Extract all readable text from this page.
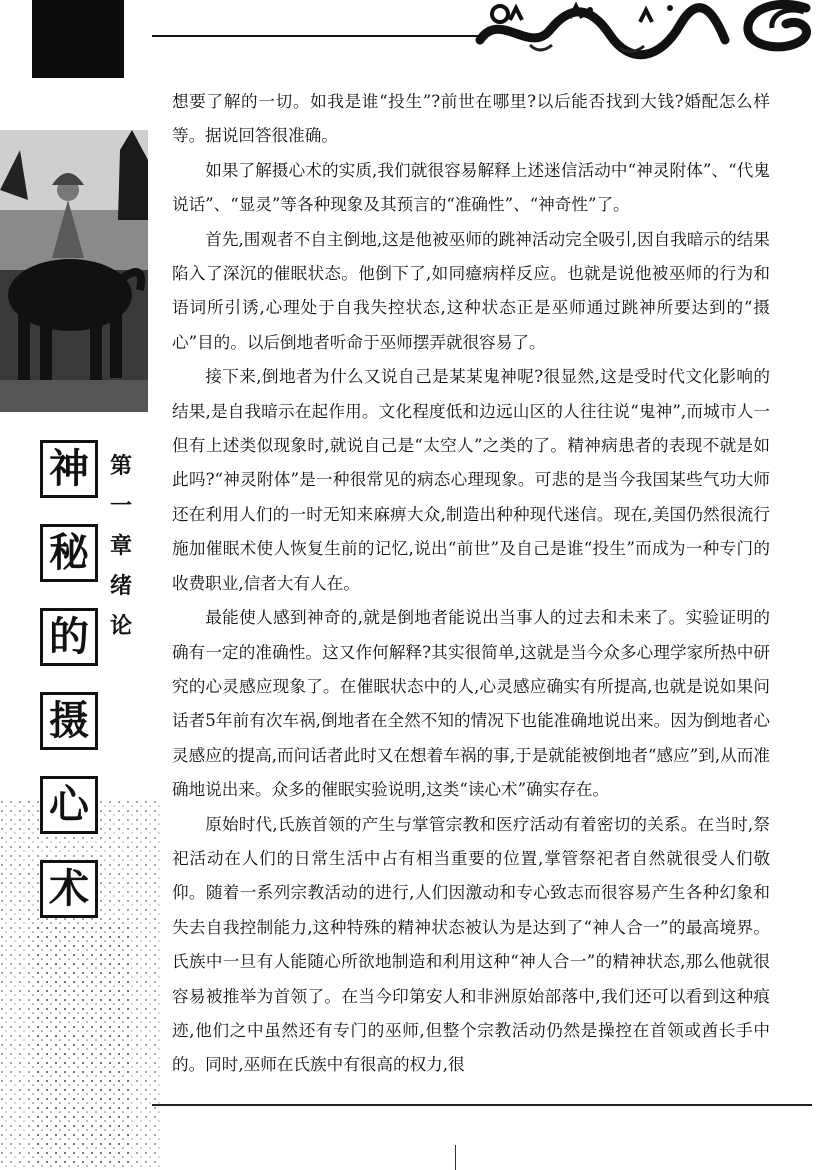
神
秘
的
摄
心
术
第
一
章
绪
论

想要了解的一切。如我是谁“投生”?前世在哪里?以后能否找到大钱?婚配怎么样等。据说回答很准确。

如果了解摄心术的实质,我们就很容易解释上述迷信活动中“神灵附体”、“代鬼说话”、“显灵”等各种现象及其预言的“准确性”、“神奇性”了。

首先,围观者不自主倒地,这是他被巫师的跳神活动完全吸引,因自我暗示的结果陷入了深沉的催眠状态。他倒下了,如同癔病样反应。也就是说他被巫师的行为和语词所引诱,心理处于自我失控状态,这种状态正是巫师通过跳神所要达到的“摄心”目的。以后倒地者听命于巫师摆弄就很容易了。

接下来,倒地者为什么又说自己是某某鬼神呢?很显然,这是受时代文化影响的结果,是自我暗示在起作用。文化程度低和边远山区的人往往说“鬼神”,而城市人一但有上述类似现象时,就说自己是“太空人”之类的了。精神病患者的表现不就是如此吗?“神灵附体”是一种很常见的病态心理现象。可悲的是当今我国某些气功大师还在利用人们的一时无知来麻痹大众,制造出种种现代迷信。现在,美国仍然很流行施加催眠术使人恢复生前的记忆,说出“前世”及自己是谁“投生”而成为一种专门的收费职业,信者大有人在。

最能使人感到神奇的,就是倒地者能说出当事人的过去和未来了。实验证明的确有一定的准确性。这又作何解释?其实很简单,这就是当今众多心理学家所热中研究的心灵感应现象了。在催眠状态中的人,心灵感应确实有所提高,也就是说如果问话者5年前有次车祸,倒地者在全然不知的情况下也能准确地说出来。因为倒地者心灵感应的提高,而问话者此时又在想着车祸的事,于是就能被倒地者“感应”到,从而准确地说出来。众多的催眠实验说明,这类“读心术”确实存在。

原始时代,氏族首领的产生与掌管宗教和医疗活动有着密切的关系。在当时,祭祀活动在人们的日常生活中占有相当重要的位置,掌管祭祀者自然就很受人们敬仰。随着一系列宗教活动的进行,人们因激动和专心致志而很容易产生各种幻象和失去自我控制能力,这种特殊的精神状态被认为是达到了“神人合一”的最高境界。氏族中一旦有人能随心所欲地制造和利用这种“神人合一”的精神状态,那么他就很容易被推举为首领了。在当今印第安人和非洲原始部落中,我们还可以看到这种痕迹,他们之中虽然还有专门的巫师,但整个宗教活动仍然是操控在首领或酋长手中的。同时,巫师在氏族中有很高的权力,很
